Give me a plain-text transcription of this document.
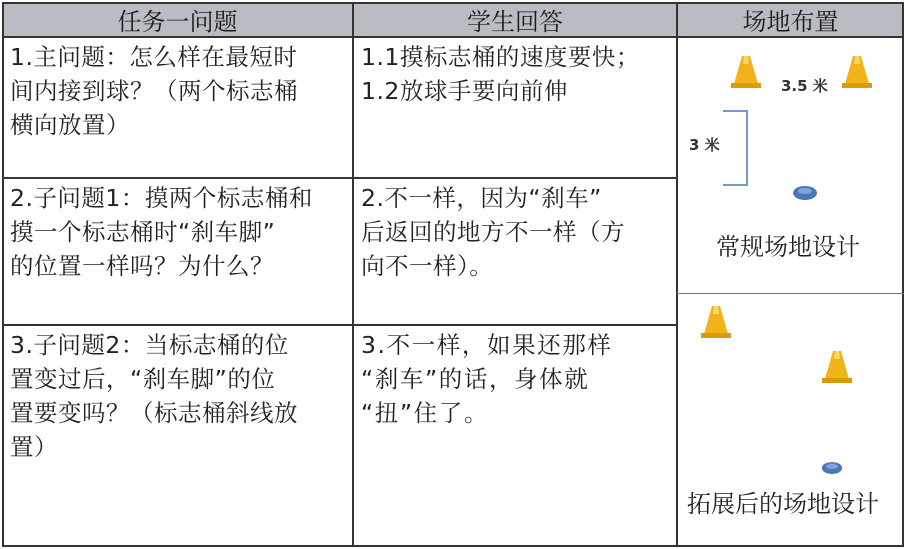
任务一问题	学生回答	场地布置
1.主问题：怎么样在最短时
间内接到球？（两个标志桶
横向放置）
1.1摸标志桶的速度要快；
1.2放球手要向前伸
2.子问题1：摸两个标志桶和
摸一个标志桶时“刹车脚”
的位置一样吗？为什么？
2.不一样，因为“刹车”
后返回的地方不一样（方
向不一样）。
3.子问题2：当标志桶的位
置变过后，“刹车脚”的位
置要变吗？（标志桶斜线放
置）
3.不一样，如果还那样
“刹车”的话，身体就
“扭”住了。
3.5 米
3 米
常规场地设计
拓展后的场地设计
